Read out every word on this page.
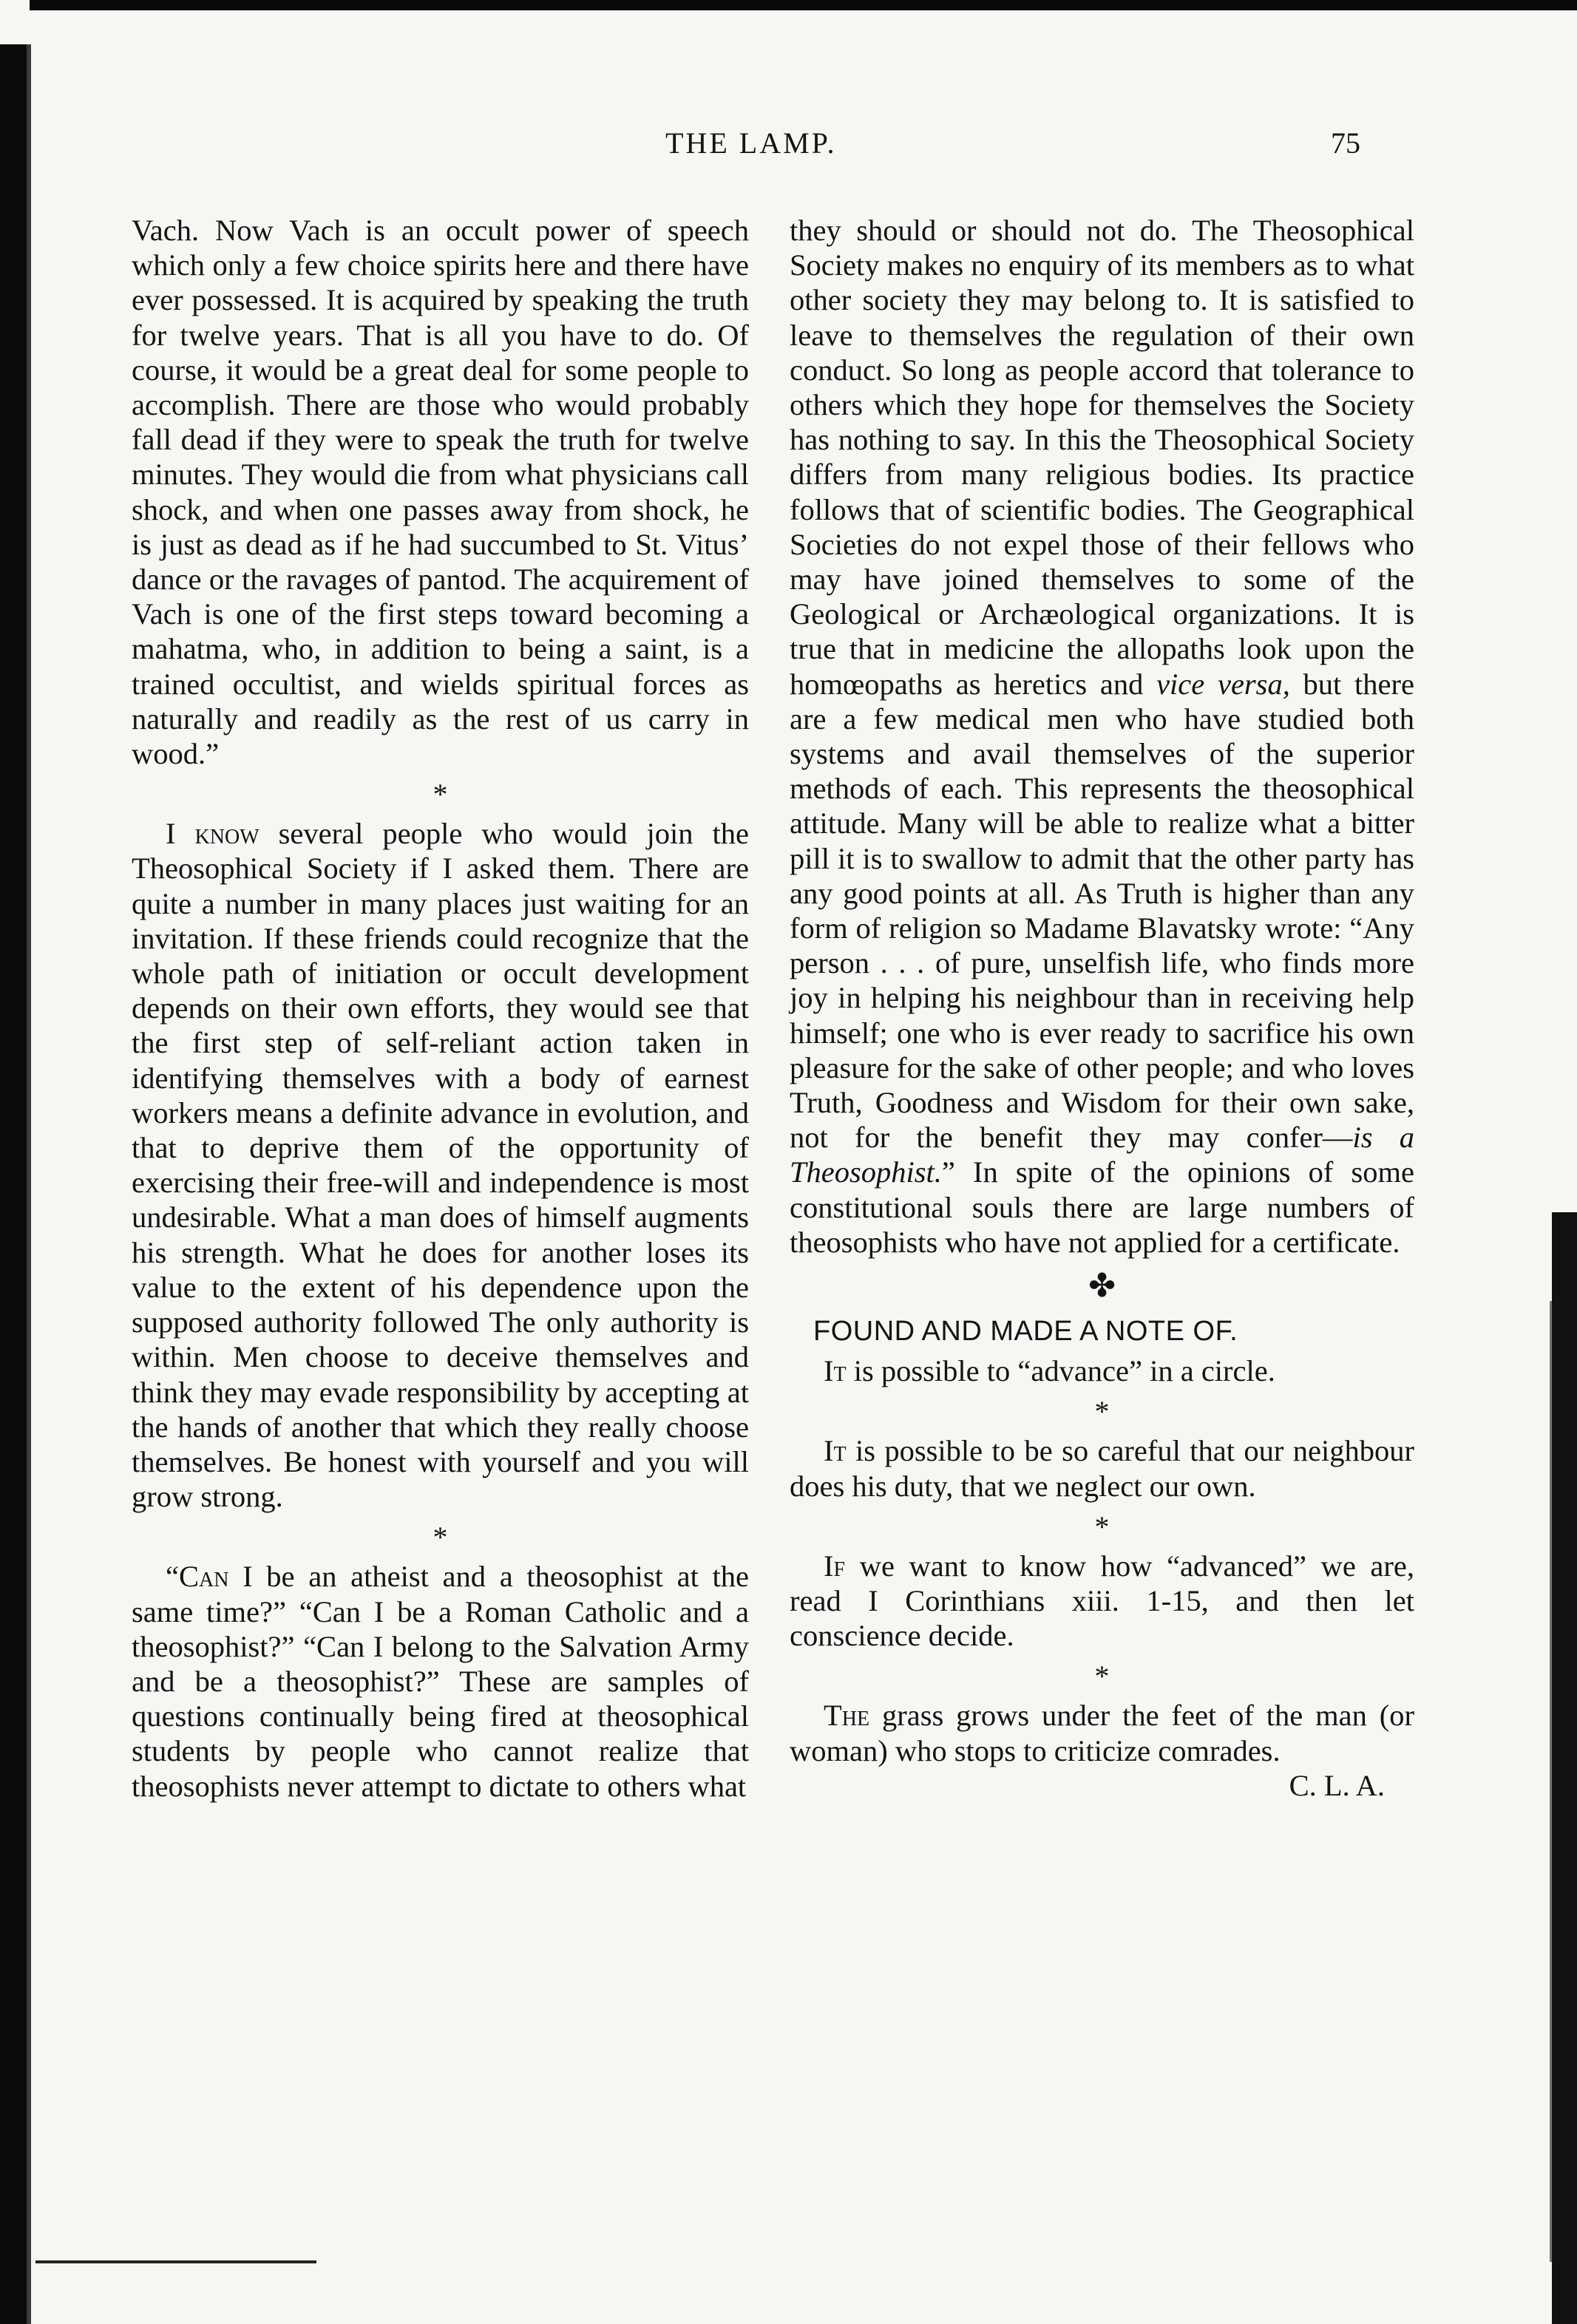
THE LAMP.	75

Vach. Now Vach is an occult power of speech which only a few choice spirits here and there have ever possessed. It is acquired by speaking the truth for twelve years. That is all you have to do. Of course, it would be a great deal for some people to accomplish. There are those who would probably fall dead if they were to speak the truth for twelve minutes. They would die from what physicians call shock, and when one passes away from shock, he is just as dead as if he had succumbed to St. Vitus’ dance or the ravages of pantod. The acquirement of Vach is one of the first steps toward becoming a mahatma, who, in addition to being a saint, is a trained occultist, and wields spiritual forces as naturally and readily as the rest of us carry in wood.”

*

I know several people who would join the Theosophical Society if I asked them. There are quite a number in many places just waiting for an invitation. If these friends could recognize that the whole path of initiation or occult development depends on their own efforts, they would see that the first step of self-reliant action taken in identifying themselves with a body of earnest workers means a definite advance in evolution, and that to deprive them of the opportunity of exercising their free-will and independence is most undesirable. What a man does of himself augments his strength. What he does for another loses its value to the extent of his dependence upon the supposed authority followed The only authority is within. Men choose to deceive themselves and think they may evade responsibility by accepting at the hands of another that which they really choose themselves. Be honest with yourself and you will grow strong.

*

“Can I be an atheist and a theosophist at the same time?” “Can I be a Roman Catholic and a theosophist?” “Can I belong to the Salvation Army and be a theosophist?” These are samples of questions continually being fired at theosophical students by people who cannot realize that theosophists never attempt to dictate to others what

they should or should not do. The Theosophical Society makes no enquiry of its members as to what other society they may belong to. It is satisfied to leave to themselves the regulation of their own conduct. So long as people accord that tolerance to others which they hope for themselves the Society has nothing to say. In this the Theosophical Society differs from many religious bodies. Its practice follows that of scientific bodies. The Geographical Societies do not expel those of their fellows who may have joined themselves to some of the Geological or Archæological organizations. It is true that in medicine the allopaths look upon the homœopaths as heretics and vice versa, but there are a few medical men who have studied both systems and avail themselves of the superior methods of each. This represents the theosophical attitude. Many will be able to realize what a bitter pill it is to swallow to admit that the other party has any good points at all. As Truth is higher than any form of religion so Madame Blavatsky wrote: “Any person . . . of pure, unselfish life, who finds more joy in helping his neighbour than in receiving help himself; one who is ever ready to sacrifice his own pleasure for the sake of other people; and who loves Truth, Goodness and Wisdom for their own sake, not for the benefit they may confer—is a Theosophist.” In spite of the opinions of some constitutional souls there are large numbers of theosophists who have not applied for a certificate.

✤
FOUND AND MADE A NOTE OF.

It is possible to “advance” in a circle.

*

It is possible to be so careful that our neighbour does his duty, that we neglect our own.

*

If we want to know how “advanced” we are, read I Corinthians xiii. 1-15, and then let conscience decide.

*

The grass grows under the feet of the man (or woman) who stops to criticize comrades.
C. L. A.
